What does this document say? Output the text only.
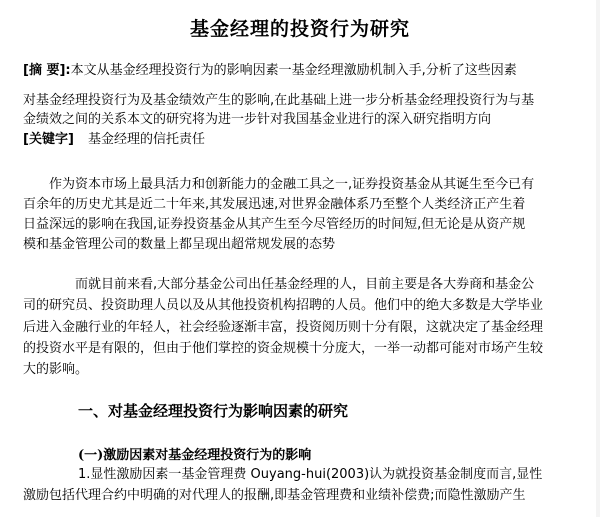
基金经理的投资行为研究
[摘 要]:本文从基金经理投资行为的影响因素一基金经理激励机制入手,分析了这些因素
对基金经理投资行为及基金绩效产生的影响,在此基础上进一步分析基金经理投资行为与基
金绩效之间的关系本文的研究将为进一步针对我国基金业进行的深入研究指明方向
[关键字] 基金经理的信托责任
作为资本市场上最具活力和创新能力的金融工具之一,证券投资基金从其诞生至今已有
百余年的历史尤其是近二十年来,其发展迅速,对世界金融体系乃至整个人类经济正产生着
日益深远的影响在我国,证券投资基金从其产生至今尽管经历的时间短,但无论是从资产规
模和基金管理公司的数量上都呈现出超常规发展的态势
而就目前来看,大部分基金公司出任基金经理的人，目前主要是各大券商和基金公
司的研究员、投资助理人员以及从其他投资机构招聘的人员。他们中的绝大多数是大学毕业
后进入金融行业的年轻人，社会经验逐渐丰富，投资阅历则十分有限，这就决定了基金经理
的投资水平是有限的，但由于他们掌控的资金规模十分庞大，一举一动都可能对市场产生较
大的影响。
一、对基金经理投资行为影响因素的研究
(一)激励因素对基金经理投资行为的影响
1.显性激励因素一基金管理费 Ouyang-hui(2003)认为就投资基金制度而言,显性
激励包括代理合约中明确的对代理人的报酬,即基金管理费和业绩补偿费;而隐性激励产生
